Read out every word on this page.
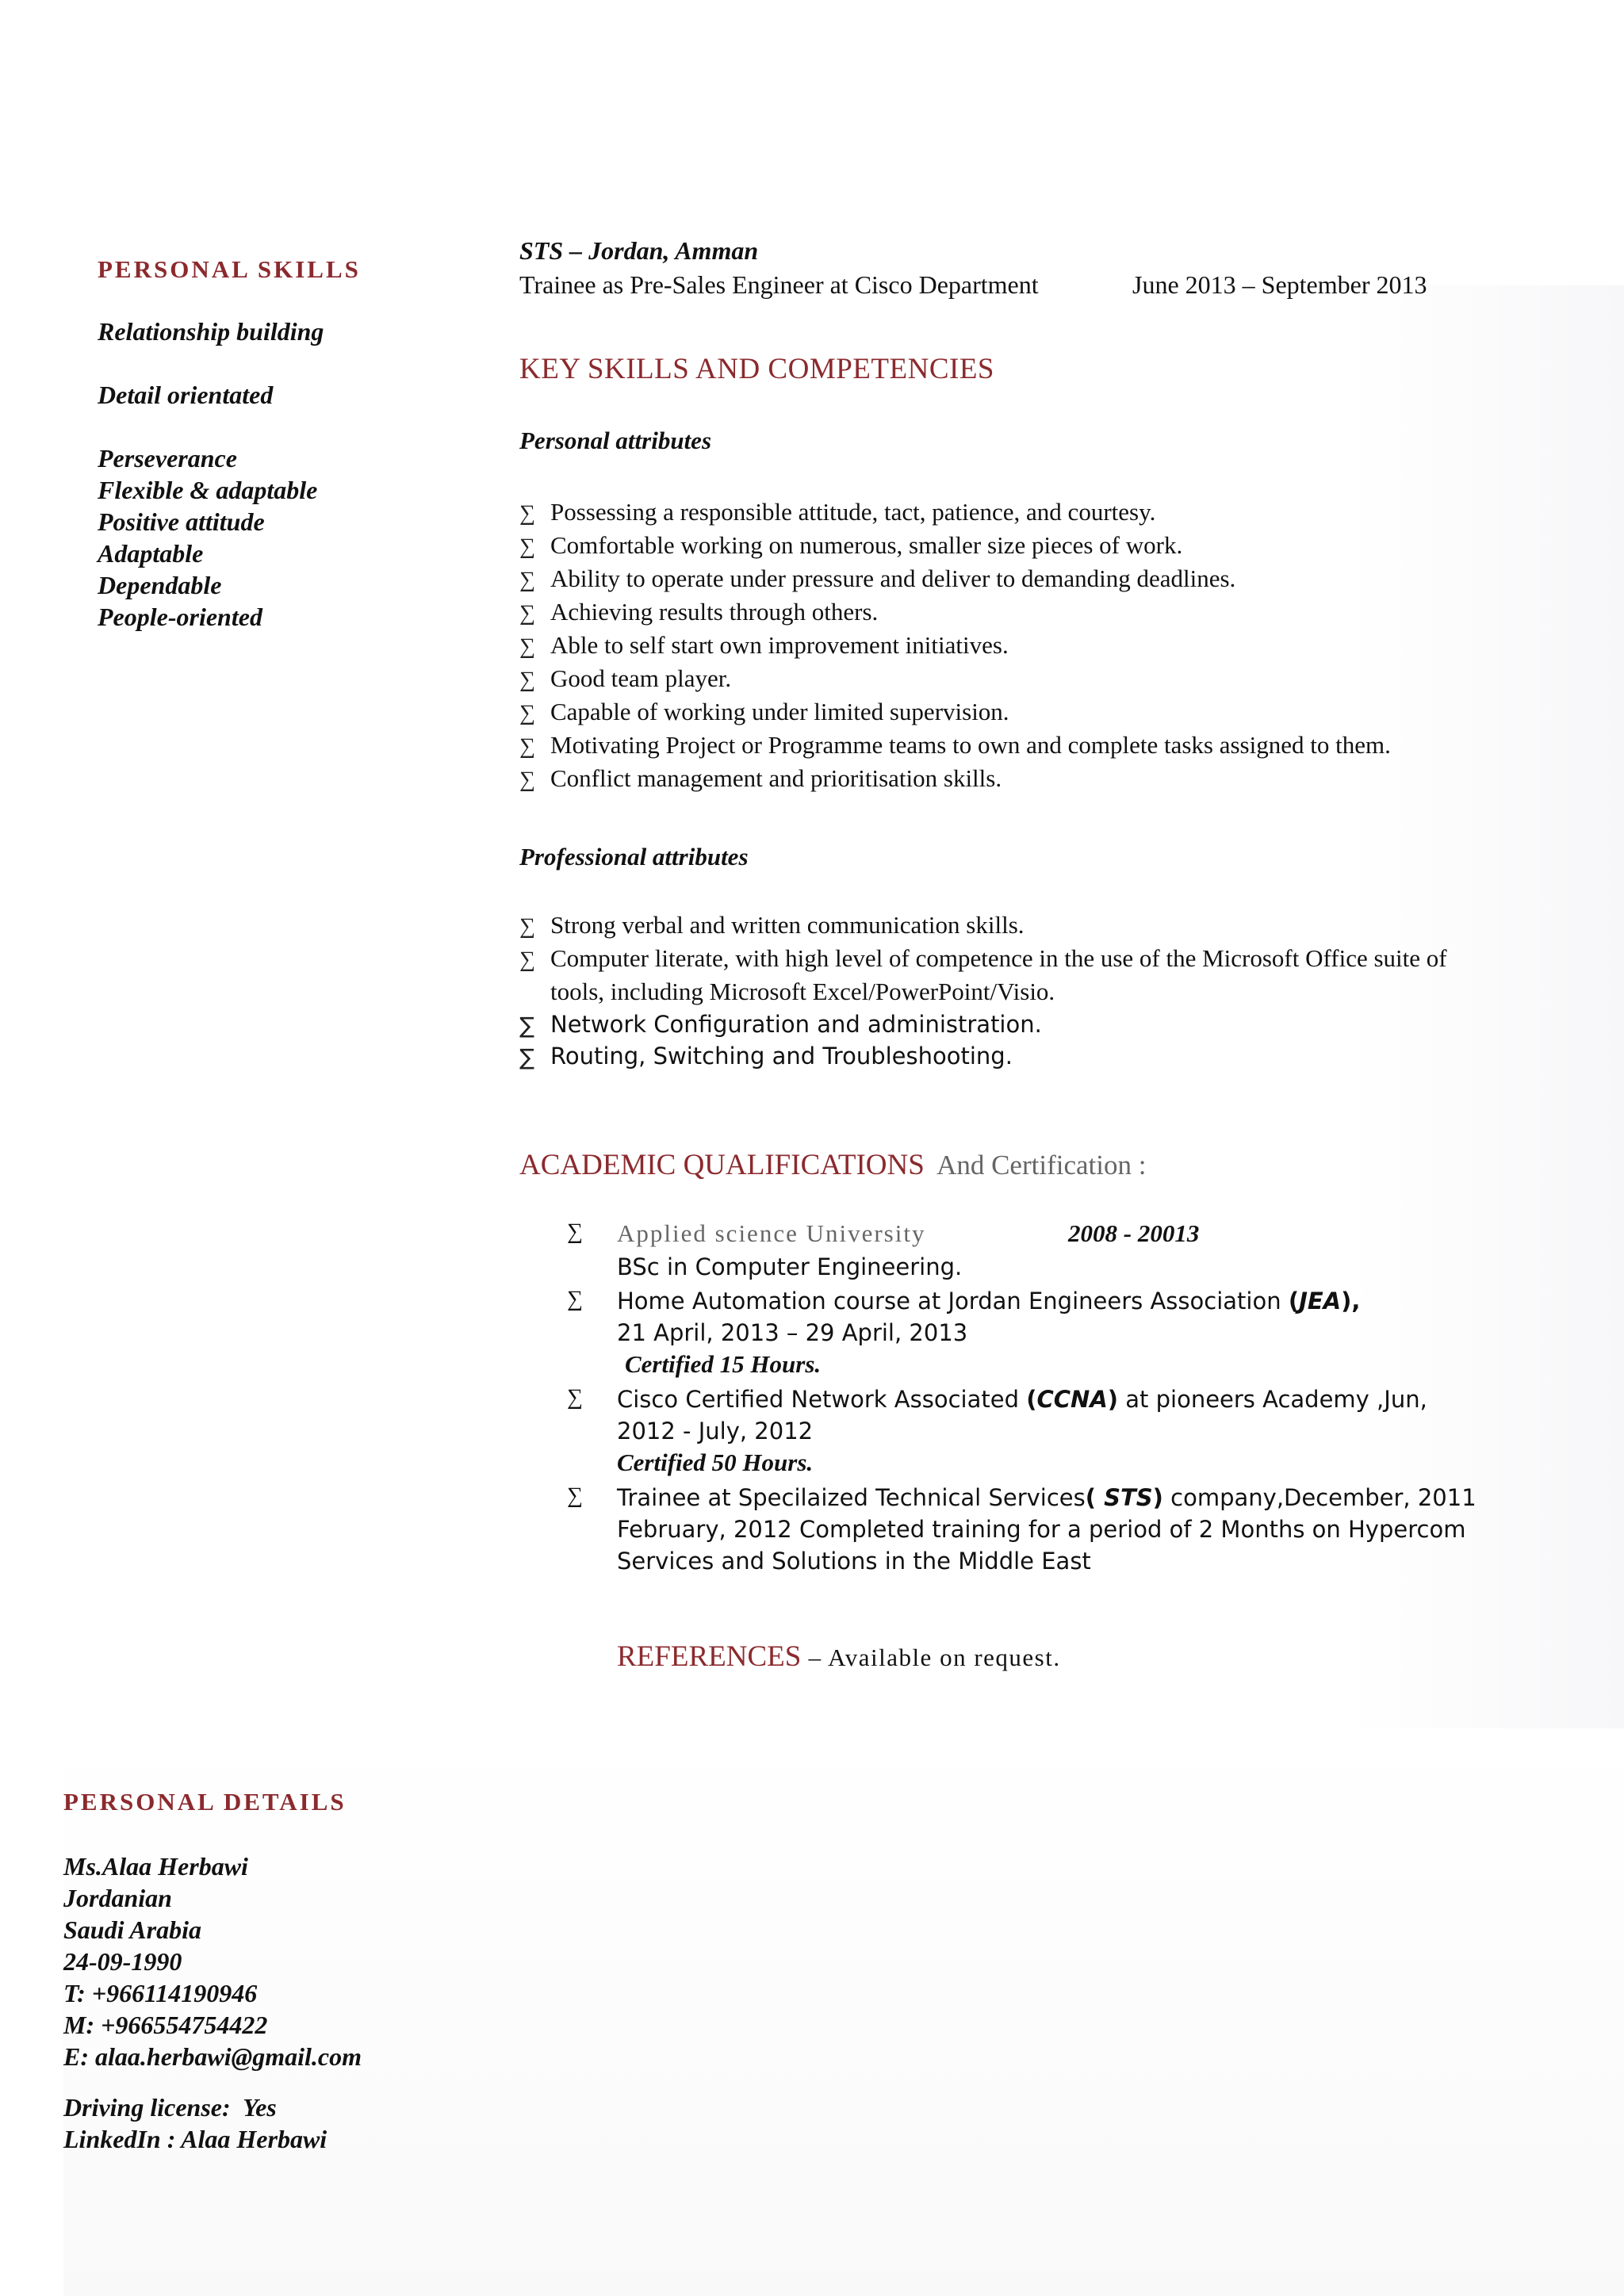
PERSONAL SKILLS
Relationship building
Detail orientated
Perseverance
Flexible & adaptable
Positive attitude
Adaptable
Dependable
People-oriented
STS – Jordan, Amman
Trainee as Pre-Sales Engineer at Cisco Department	June 2013 – September 2013
KEY SKILLS AND COMPETENCIES
Personal attributes
∑ Possessing a responsible attitude, tact, patience, and courtesy.
∑ Comfortable working on numerous, smaller size pieces of work.
∑ Ability to operate under pressure and deliver to demanding deadlines.
∑ Achieving results through others.
∑ Able to self start own improvement initiatives.
∑ Good team player.
∑ Capable of working under limited supervision.
∑ Motivating Project or Programme teams to own and complete tasks assigned to them.
∑ Conflict management and prioritisation skills.
Professional attributes
∑ Strong verbal and written communication skills.
∑ Computer literate, with high level of competence in the use of the Microsoft Office suite of tools, including Microsoft Excel/PowerPoint/Visio.
∑ Network Configuration and administration.
∑ Routing, Switching and Troubleshooting.
ACADEMIC QUALIFICATIONS And Certification :
∑ Applied science University	2008 - 20013
BSc in Computer Engineering.
∑ Home Automation course at Jordan Engineers Association (JEA),
21 April, 2013 – 29 April, 2013
Certified 15 Hours.
∑ Cisco Certified Network Associated (CCNA) at pioneers Academy ,Jun,
2012 - July, 2012
Certified 50 Hours.
∑ Trainee at Specilaized Technical Services( STS) company,December, 2011
February, 2012 Completed training for a period of 2 Months on Hypercom
Services and Solutions in the Middle East
REFERENCES – Available on request.
PERSONAL DETAILS
Ms.Alaa Herbawi
Jordanian
Saudi Arabia
24-09-1990
T: +966114190946
M: +966554754422
E: alaa.herbawi@gmail.com
Driving license:  Yes
LinkedIn : Alaa Herbawi
